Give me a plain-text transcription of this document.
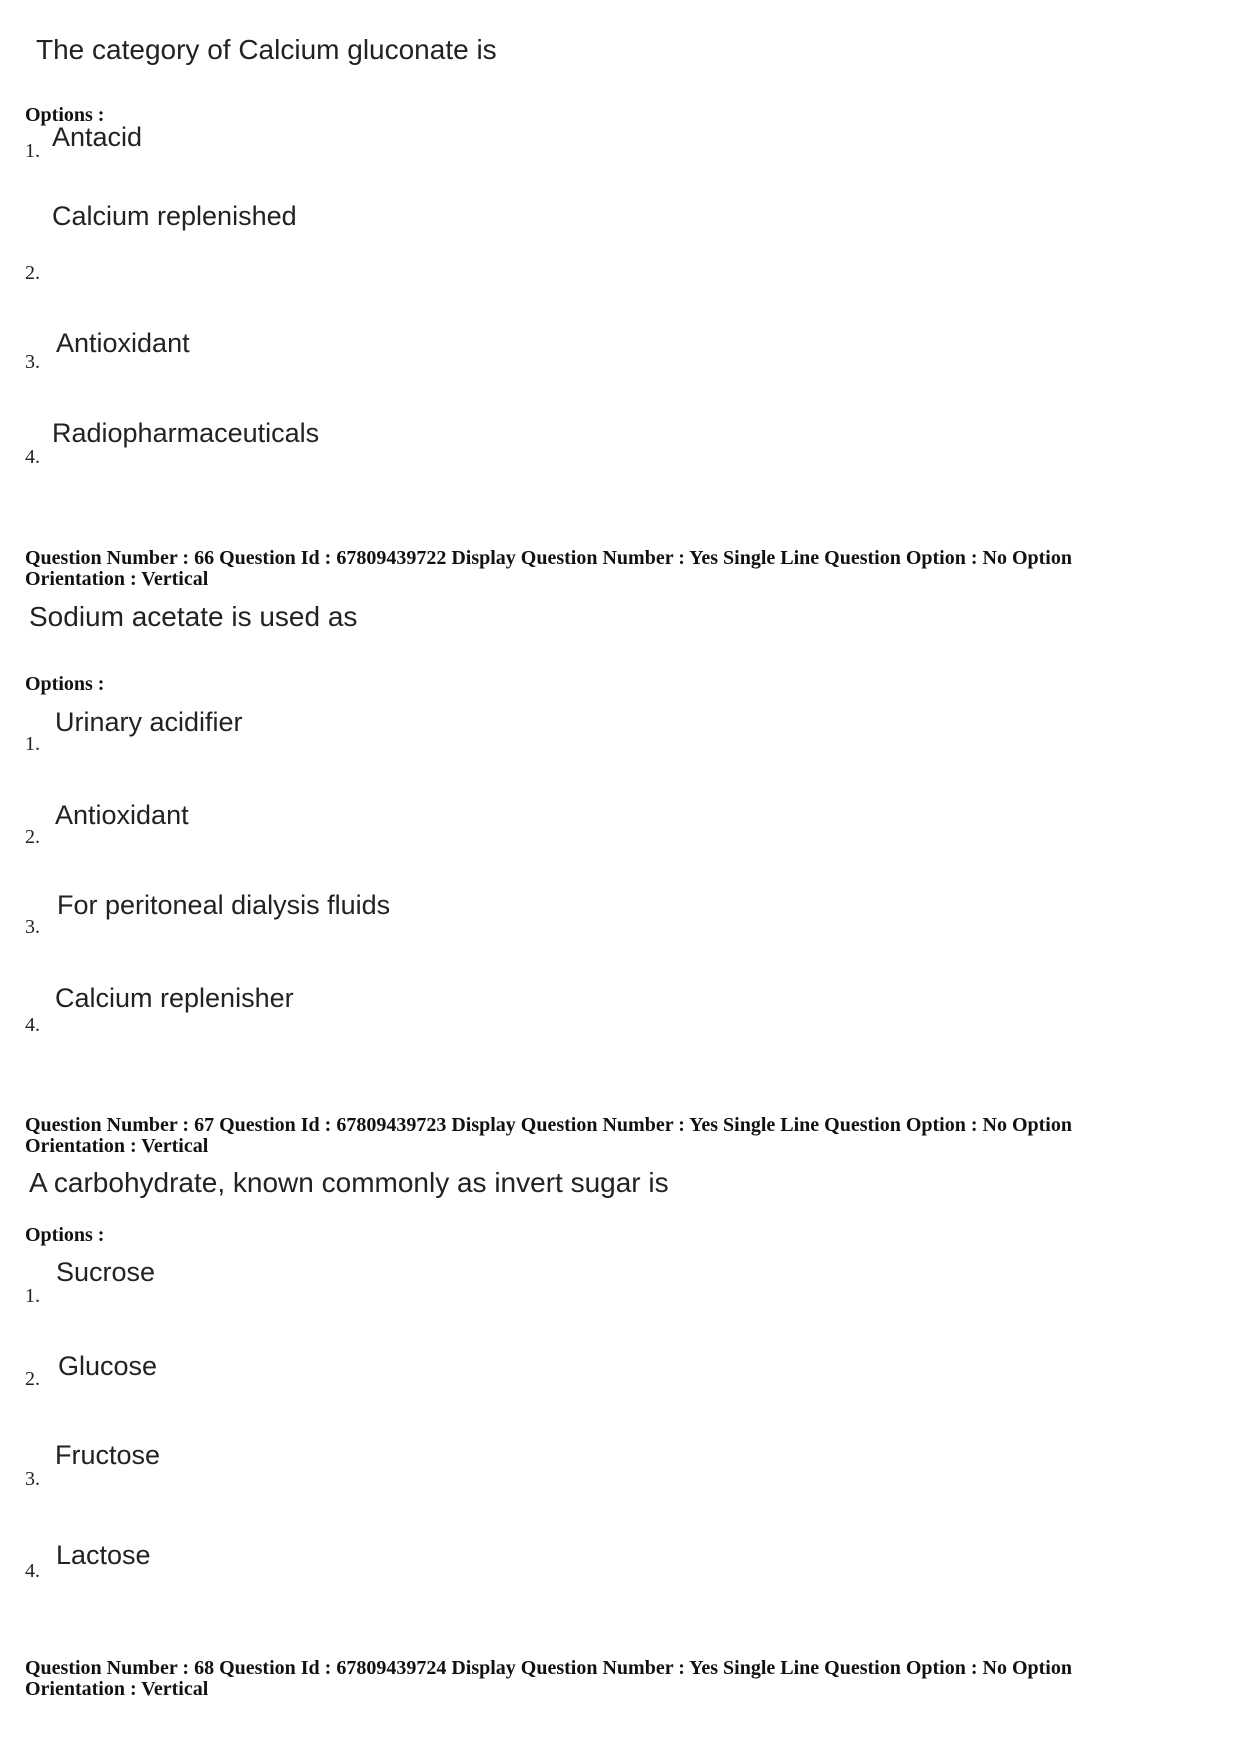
The category of Calcium gluconate is
Options :
1. Antacid
2.
Calcium replenished
3.
Antioxidant
4.
Radiopharmaceuticals
Question Number : 66 Question Id : 67809439722 Display Question Number : Yes Single Line Question Option : No Option
Orientation : Vertical
Sodium acetate is used as
Options :
1.
Urinary acidifier
2.
Antioxidant
3.
For peritoneal dialysis fluids
4.
Calcium replenisher
Question Number : 67 Question Id : 67809439723 Display Question Number : Yes Single Line Question Option : No Option
Orientation : Vertical
A carbohydrate, known commonly as invert sugar is
Options :
1.
Sucrose
2. Glucose
3.
Fructose
4.
Lactose
Question Number : 68 Question Id : 67809439724 Display Question Number : Yes Single Line Question Option : No Option
Orientation : Vertical
